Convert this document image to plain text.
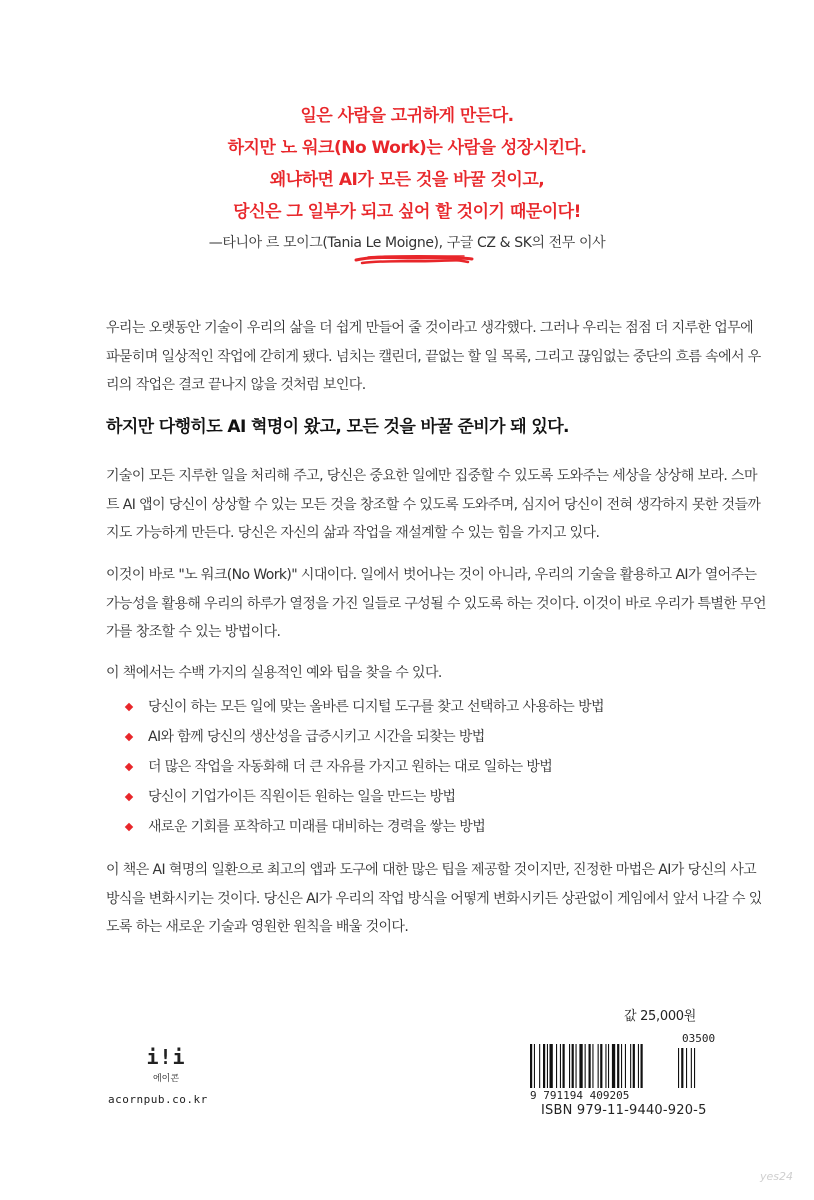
일은 사람을 고귀하게 만든다.
하지만 노 워크(No Work)는 사람을 성장시킨다.
왜냐하면 AI가 모든 것을 바꿀 것이고,
당신은 그 일부가 되고 싶어 할 것이기 때문이다!
—타니아 르 모이그(Tania Le Moigne), 구글 CZ & SK의 전무 이사
우리는 오랫동안 기술이 우리의 삶을 더 쉽게 만들어 줄 것이라고 생각했다. 그러나 우리는 점점 더 지루한 업무에
파묻히며 일상적인 작업에 갇히게 됐다. 넘치는 캘린더, 끝없는 할 일 목록, 그리고 끊임없는 중단의 흐름 속에서 우
리의 작업은 결코 끝나지 않을 것처럼 보인다.
하지만 다행히도 AI 혁명이 왔고, 모든 것을 바꿀 준비가 돼 있다.
기술이 모든 지루한 일을 처리해 주고, 당신은 중요한 일에만 집중할 수 있도록 도와주는 세상을 상상해 보라. 스마
트 AI 앱이 당신이 상상할 수 있는 모든 것을 창조할 수 있도록 도와주며, 심지어 당신이 전혀 생각하지 못한 것들까
지도 가능하게 만든다. 당신은 자신의 삶과 작업을 재설계할 수 있는 힘을 가지고 있다.
이것이 바로 "노 워크(No Work)" 시대이다. 일에서 벗어나는 것이 아니라, 우리의 기술을 활용하고 AI가 열어주는
가능성을 활용해 우리의 하루가 열정을 가진 일들로 구성될 수 있도록 하는 것이다. 이것이 바로 우리가 특별한 무언
가를 창조할 수 있는 방법이다.
이 책에서는 수백 가지의 실용적인 예와 팁을 찾을 수 있다.
당신이 하는 모든 일에 맞는 올바른 디지털 도구를 찾고 선택하고 사용하는 방법
AI와 함께 당신의 생산성을 급증시키고 시간을 되찾는 방법
더 많은 작업을 자동화해 더 큰 자유를 가지고 원하는 대로 일하는 방법
당신이 기업가이든 직원이든 원하는 일을 만드는 방법
새로운 기회를 포착하고 미래를 대비하는 경력을 쌓는 방법
이 책은 AI 혁명의 일환으로 최고의 앱과 도구에 대한 많은 팁을 제공할 것이지만, 진정한 마법은 AI가 당신의 사고
방식을 변화시키는 것이다. 당신은 AI가 우리의 작업 방식을 어떻게 변화시키든 상관없이 게임에서 앞서 나갈 수 있
도록 하는 새로운 기술과 영원한 원칙을 배울 것이다.
i!i
에이콘
acornpub.co.kr
값 25,000원
03500
9 791194 409205
ISBN 979-11-9440-920-5
yes24
